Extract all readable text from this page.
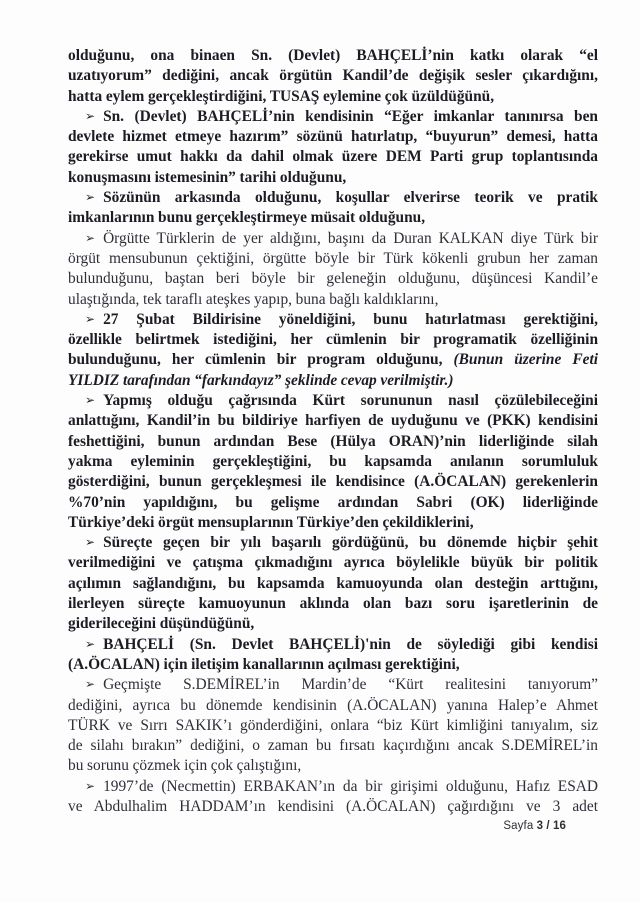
olduğunu, ona binaen Sn. (Devlet) BAHÇELİ’nin katkı olarak “el
uzatıyorum” dediğini, ancak örgütün Kandil’de değişik sesler çıkardığını,
hatta eylem gerçekleştirdiğini, TUSAŞ eylemine çok üzüldüğünü,
➢ Sn. (Devlet) BAHÇELİ’nin kendisinin “Eğer imkanlar tanınırsa ben
devlete hizmet etmeye hazırım” sözünü hatırlatıp, “buyurun” demesi, hatta
gerekirse umut hakkı da dahil olmak üzere DEM Parti grup toplantısında
konuşmasını istemesinin” tarihi olduğunu,
➢ Sözünün arkasında olduğunu, koşullar elverirse teorik ve pratik
imkanlarının bunu gerçekleştirmeye müsait olduğunu,
➢ Örgütte Türklerin de yer aldığını, başını da Duran KALKAN diye Türk bir
örgüt mensubunun çektiğini, örgütte böyle bir Türk kökenli grubun her zaman
bulunduğunu, baştan beri böyle bir geleneğin olduğunu, düşüncesi Kandil’e
ulaştığında, tek taraflı ateşkes yapıp, buna bağlı kaldıklarını,
➢ 27 Şubat Bildirisine yöneldiğini, bunu hatırlatması gerektiğini,
özellikle belirtmek istediğini, her cümlenin bir programatik özelliğinin
bulunduğunu, her cümlenin bir program olduğunu, (Bunun üzerine Feti
YILDIZ tarafından “farkındayız” şeklinde cevap verilmiştir.)
➢ Yapmış olduğu çağrısında Kürt sorununun nasıl çözülebileceğini
anlattığını, Kandil’in bu bildiriye harfiyen de uyduğunu ve (PKK) kendisini
feshettiğini, bunun ardından Bese (Hülya ORAN)’nin liderliğinde silah
yakma eyleminin gerçekleştiğini, bu kapsamda anılanın sorumluluk
gösterdiğini, bunun gerçekleşmesi ile kendisince (A.ÖCALAN) gerekenlerin
%70’nin yapıldığını, bu gelişme ardından Sabri (OK) liderliğinde
Türkiye’deki örgüt mensuplarının Türkiye’den çekildiklerini,
➢ Süreçte geçen bir yılı başarılı gördüğünü, bu dönemde hiçbir şehit
verilmediğini ve çatışma çıkmadığını ayrıca böylelikle büyük bir politik
açılımın sağlandığını, bu kapsamda kamuoyunda olan desteğin arttığını,
ilerleyen süreçte kamuoyunun aklında olan bazı soru işaretlerinin de
giderileceğini düşündüğünü,
➢ BAHÇELİ (Sn. Devlet BAHÇELİ)'nin de söylediği gibi kendisi
(A.ÖCALAN) için iletişim kanallarının açılması gerektiğini,
➢ Geçmişte S.DEMİREL’in Mardin’de “Kürt realitesini tanıyorum”
dediğini, ayrıca bu dönemde kendisinin (A.ÖCALAN) yanına Halep’e Ahmet
TÜRK ve Sırrı SAKIK’ı gönderdiğini, onlara “biz Kürt kimliğini tanıyalım, siz
de silahı bırakın” dediğini, o zaman bu fırsatı kaçırdığını ancak S.DEMİREL’in
bu sorunu çözmek için çok çalıştığını,
➢ 1997’de (Necmettin) ERBAKAN’ın da bir girişimi olduğunu, Hafız ESAD
ve Abdulhalim HADDAM’ın kendisini (A.ÖCALAN) çağırdığını ve 3 adet
Sayfa 3 / 16
